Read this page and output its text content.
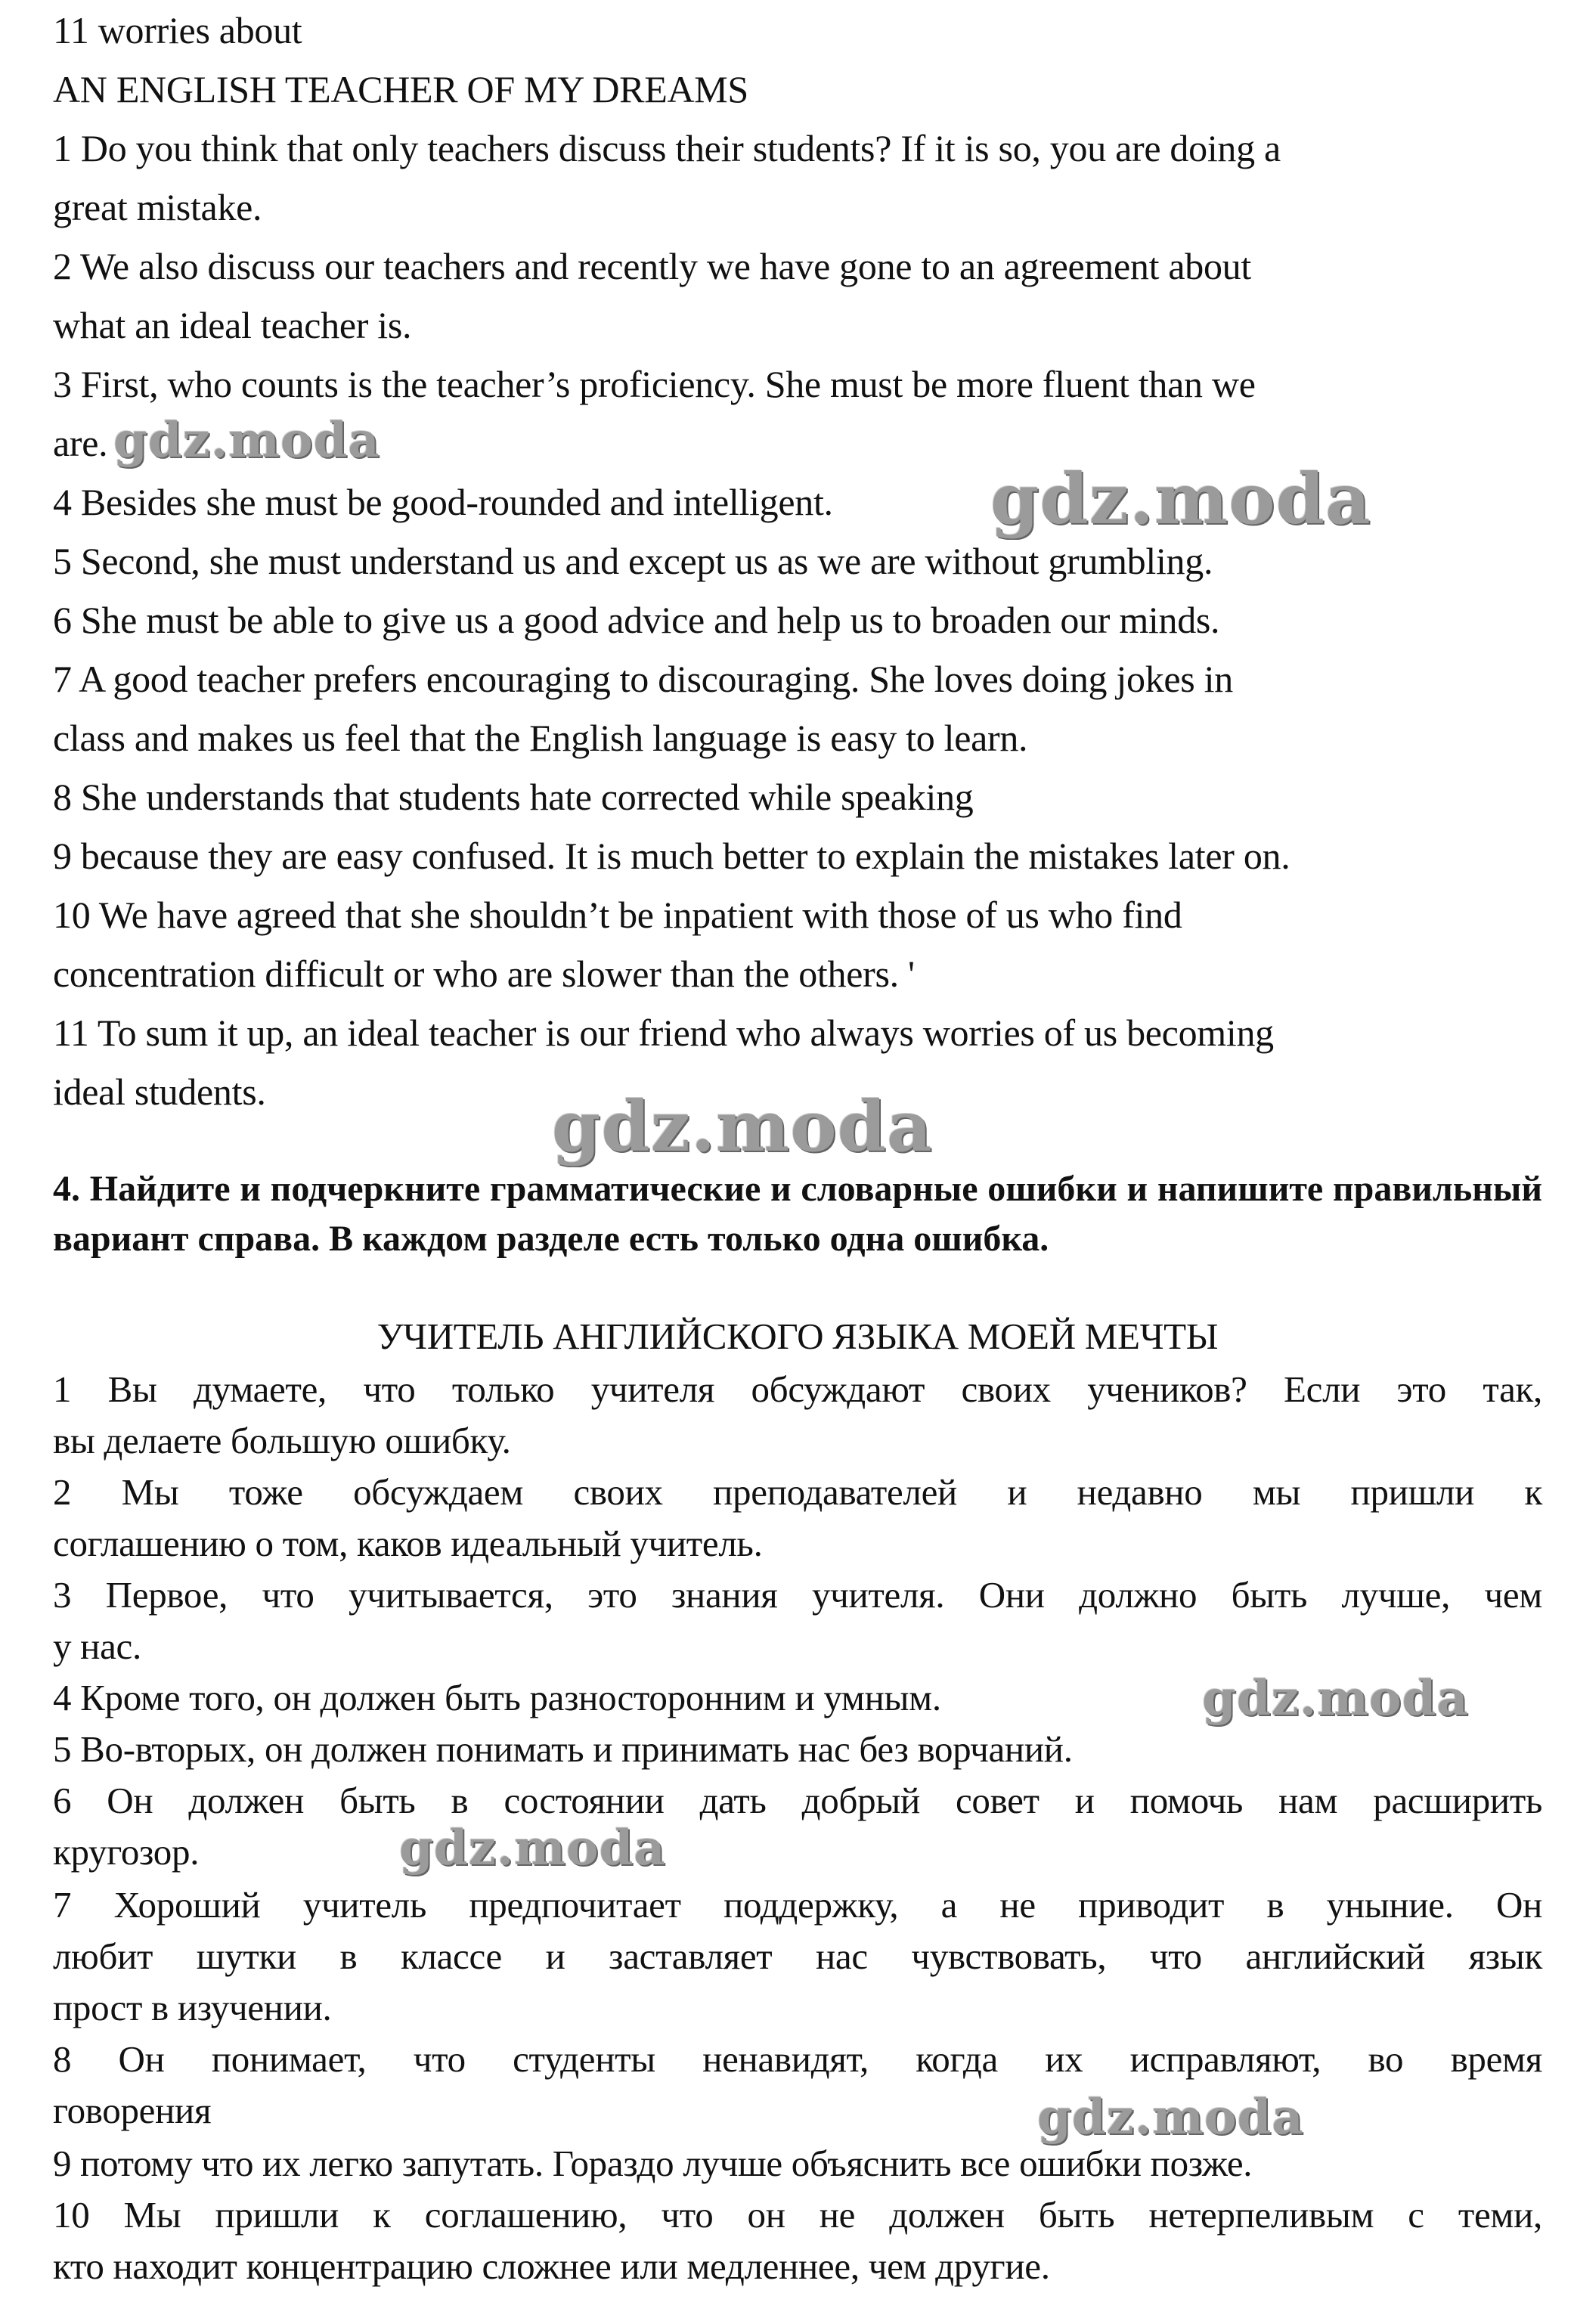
11 worries about
AN ENGLISH TEACHER OF MY DREAMS
1 Do you think that only teachers discuss their students? If it is so, you are doing a
great mistake.
2 We also discuss our teachers and recently we have gone to an agreement about
what an ideal teacher is.
3 First, who counts is the teacher’s proficiency. She must be more fluent than we
are.
4 Besides she must be good-rounded and intelligent.
5 Second, she must understand us and except us as we are without grumbling.
6 She must be able to give us a good advice and help us to broaden our minds.
7 A good teacher prefers encouraging to discouraging. She loves doing jokes in
class and makes us feel that the English language is easy to learn.
8 She understands that students hate corrected while speaking
9 because they are easy confused. It is much better to explain the mistakes later on.
10 We have agreed that she shouldn’t be inpatient with those of us who find
concentration difficult or who are slower than the others. '
11 To sum it up, an ideal teacher is our friend who always worries of us becoming
ideal students.
4. Найдите и подчеркните грамматические и словарные ошибки и напишите правильный вариант справа. В каждом разделе есть только одна ошибка.
УЧИТЕЛЬ АНГЛИЙСКОГО ЯЗЫКА МОЕЙ МЕЧТЫ
1 Вы думаете, что только учителя обсуждают своих учеников? Если это так,
вы делаете большую ошибку.
2 Мы тоже обсуждаем своих преподавателей и недавно мы пришли к
соглашению о том, каков идеальный учитель.
3 Первое, что учитывается, это знания учителя. Они должно быть лучше, чем
у нас.
4 Кроме того, он должен быть разносторонним и умным.
5 Во-вторых, он должен понимать и принимать нас без ворчаний.
6 Он должен быть в состоянии дать добрый совет и помочь нам расширить
кругозор.
7 Хороший учитель предпочитает поддержку, а не приводит в уныние. Он
любит шутки в классе и заставляет нас чувствовать, что английский язык
прост в изучении.
8 Он понимает, что студенты ненавидят, когда их исправляют, во время
говорения
9 потому что их легко запутать. Гораздо лучше объяснить все ошибки позже.
10 Мы пришли к соглашению, что он не должен быть нетерпеливым с теми,
кто находит концентрацию сложнее или медленнее, чем другие.
gdz.moda
gdz.moda
gdz.moda
gdz.moda
gdz.moda
gdz.moda
